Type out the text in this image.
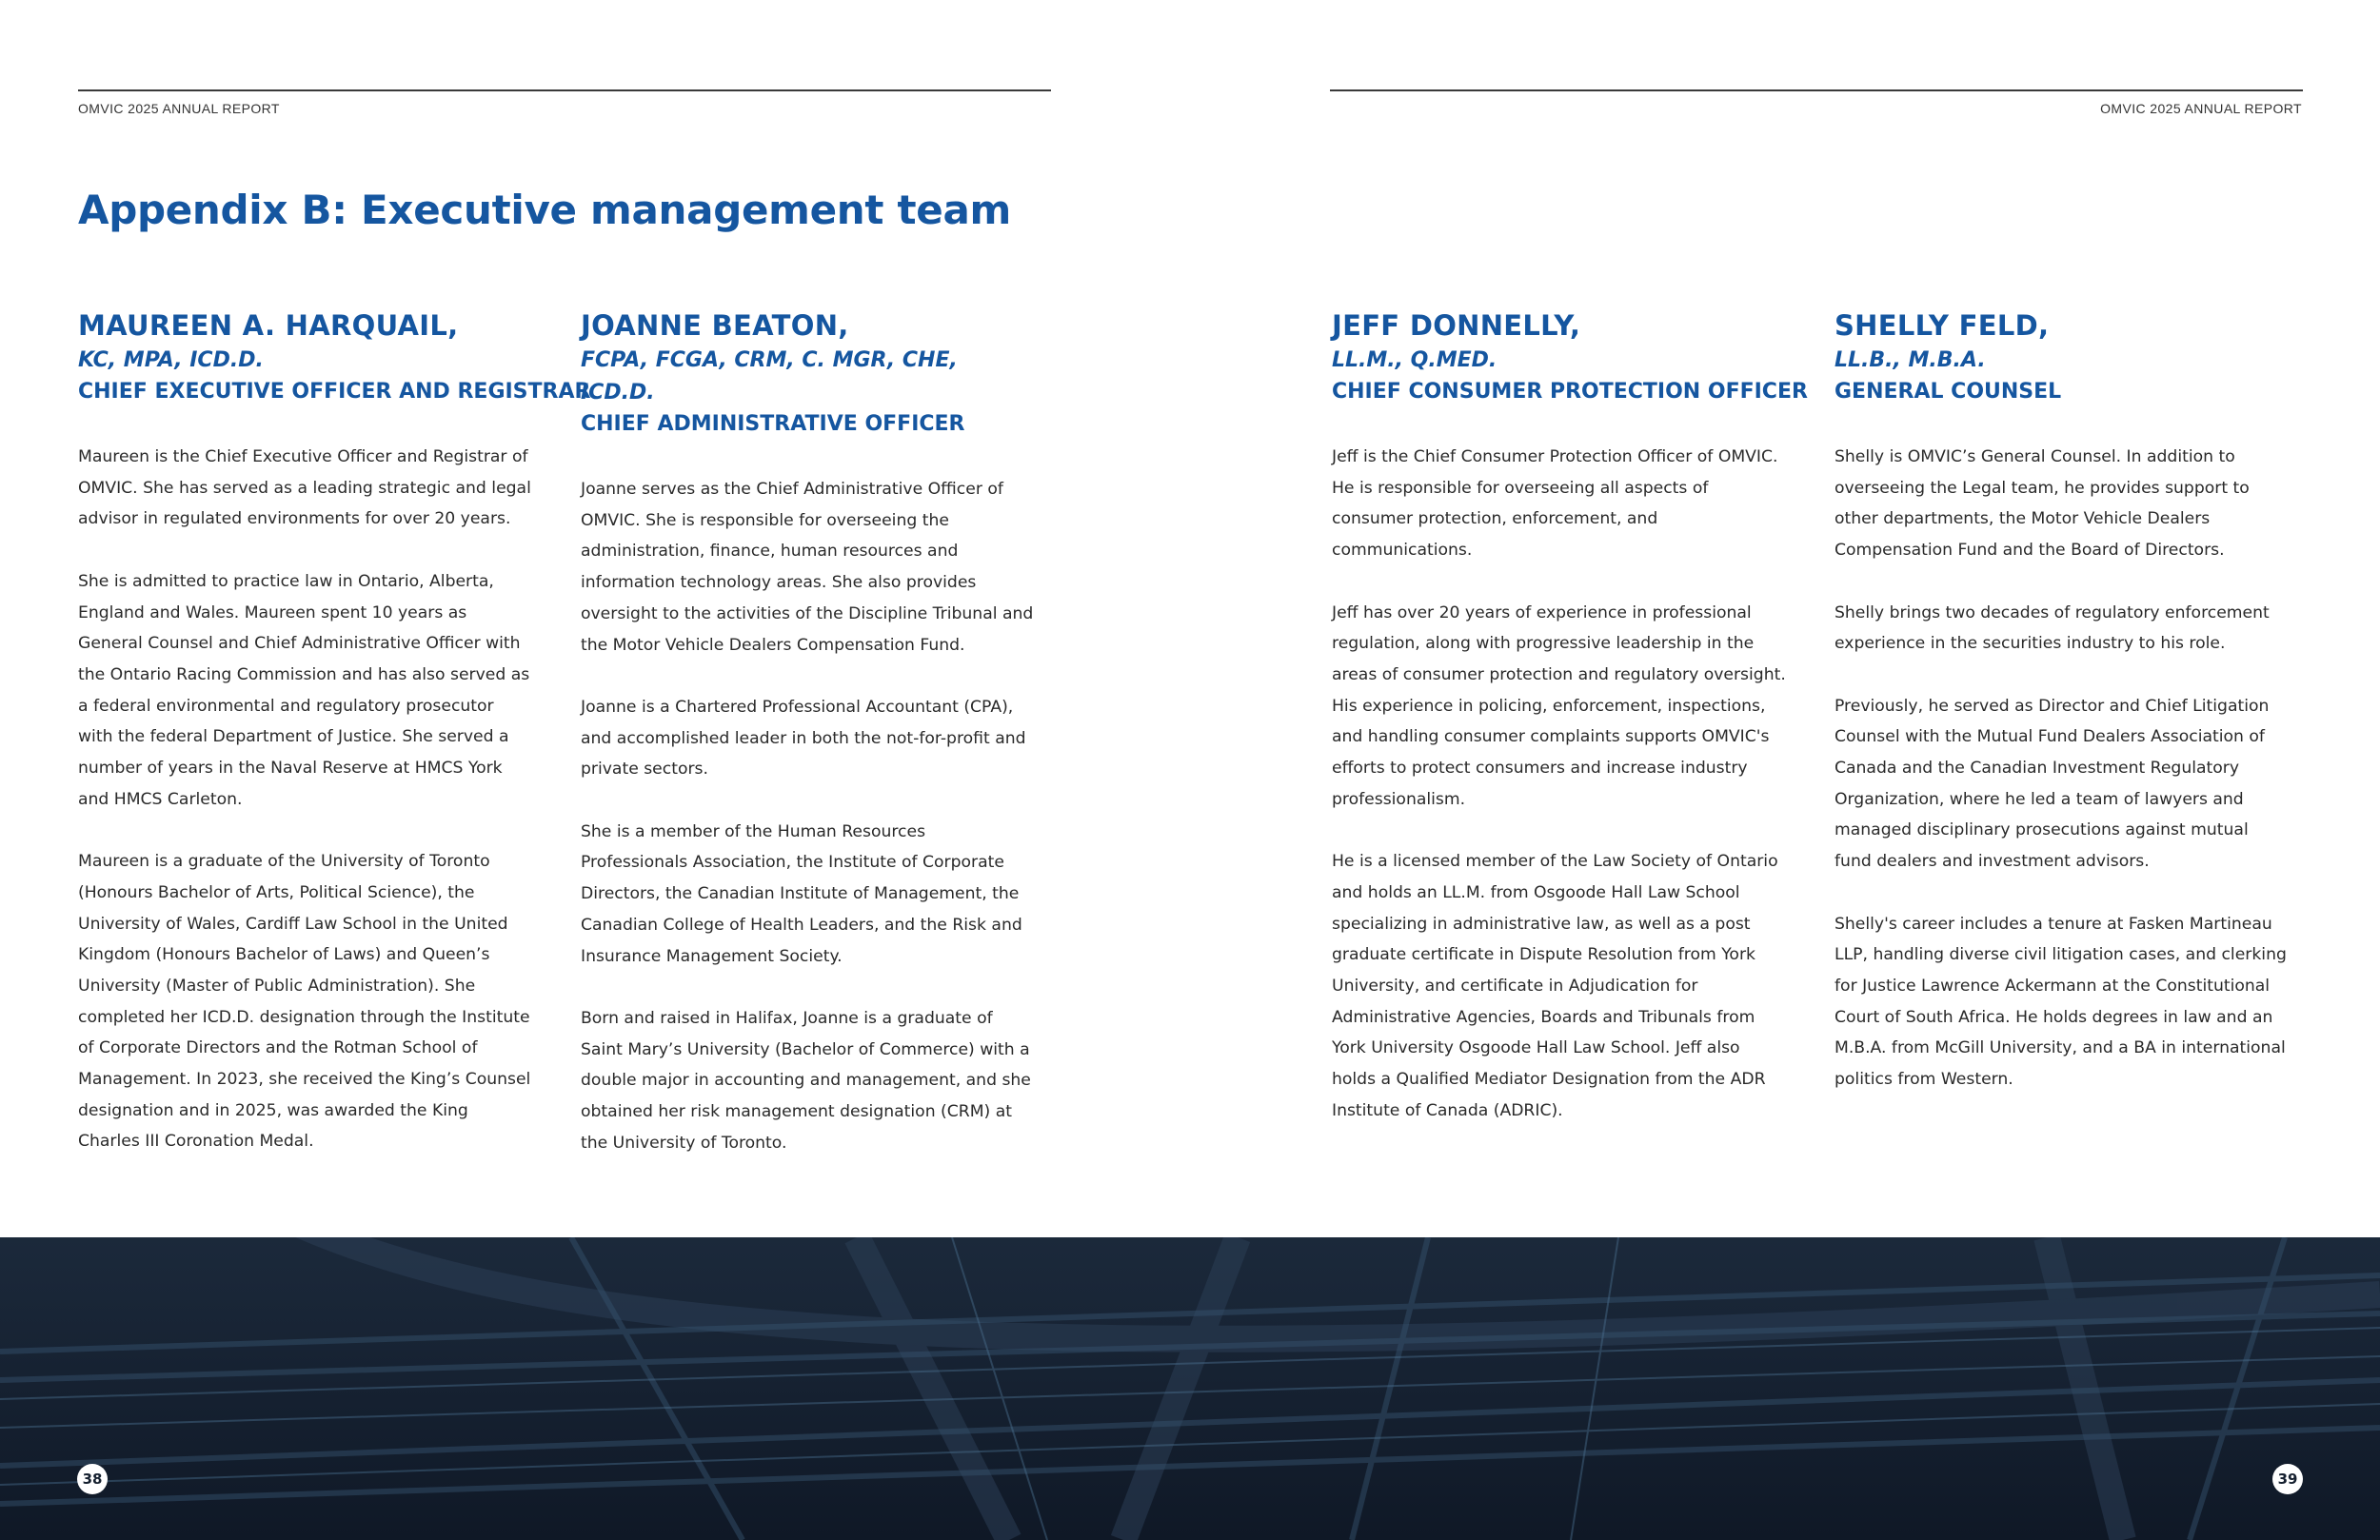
OMVIC 2025 ANNUAL REPORT	OMVIC 2025 ANNUAL REPORT
Appendix B: Executive management team
MAUREEN A. HARQUAIL,
KC, MPA, ICD.D.
CHIEF EXECUTIVE OFFICER AND REGISTRAR

Maureen is the Chief Executive Officer and Registrar of OMVIC. She has served as a leading strategic and legal advisor in regulated environments for over 20 years.

She is admitted to practice law in Ontario, Alberta, England and Wales. Maureen spent 10 years as General Counsel and Chief Administrative Officer with the Ontario Racing Commission and has also served as a federal environmental and regulatory prosecutor with the federal Department of Justice. She served a number of years in the Naval Reserve at HMCS York and HMCS Carleton.

Maureen is a graduate of the University of Toronto (Honours Bachelor of Arts, Political Science), the University of Wales, Cardiff Law School in the United Kingdom (Honours Bachelor of Laws) and Queen’s University (Master of Public Administration). She completed her ICD.D. designation through the Institute of Corporate Directors and the Rotman School of Management. In 2023, she received the King’s Counsel designation and in 2025, was awarded the King Charles III Coronation Medal.

JOANNE BEATON,
FCPA, FCGA, CRM, C. MGR, CHE, ICD.D.
CHIEF ADMINISTRATIVE OFFICER

Joanne serves as the Chief Administrative Officer of OMVIC. She is responsible for overseeing the administration, finance, human resources and information technology areas. She also provides oversight to the activities of the Discipline Tribunal and the Motor Vehicle Dealers Compensation Fund.

Joanne is a Chartered Professional Accountant (CPA), and accomplished leader in both the not-for-profit and private sectors.

She is a member of the Human Resources Professionals Association, the Institute of Corporate Directors, the Canadian Institute of Management, the Canadian College of Health Leaders, and the Risk and Insurance Management Society.

Born and raised in Halifax, Joanne is a graduate of Saint Mary’s University (Bachelor of Commerce) with a double major in accounting and management, and she obtained her risk management designation (CRM) at the University of Toronto.

JEFF DONNELLY,
LL.M., Q.MED.
CHIEF CONSUMER PROTECTION OFFICER

Jeff is the Chief Consumer Protection Officer of OMVIC. He is responsible for overseeing all aspects of consumer protection, enforcement, and communications.

Jeff has over 20 years of experience in professional regulation, along with progressive leadership in the areas of consumer protection and regulatory oversight. His experience in policing, enforcement, inspections, and handling consumer complaints supports OMVIC's efforts to protect consumers and increase industry professionalism.

He is a licensed member of the Law Society of Ontario and holds an LL.M. from Osgoode Hall Law School specializing in administrative law, as well as a post graduate certificate in Dispute Resolution from York University, and certificate in Adjudication for Administrative Agencies, Boards and Tribunals from York University Osgoode Hall Law School. Jeff also holds a Qualified Mediator Designation from the ADR Institute of Canada (ADRIC).

SHELLY FELD,
LL.B., M.B.A.
GENERAL COUNSEL

Shelly is OMVIC’s General Counsel. In addition to overseeing the Legal team, he provides support to other departments, the Motor Vehicle Dealers Compensation Fund and the Board of Directors.

Shelly brings two decades of regulatory enforcement experience in the securities industry to his role.

Previously, he served as Director and Chief Litigation Counsel with the Mutual Fund Dealers Association of Canada and the Canadian Investment Regulatory Organization, where he led a team of lawyers and managed disciplinary prosecutions against mutual fund dealers and investment advisors.

Shelly's career includes a tenure at Fasken Martineau LLP, handling diverse civil litigation cases, and clerking for Justice Lawrence Ackermann at the Constitutional Court of South Africa. He holds degrees in law and an M.B.A. from McGill University, and a BA in international politics from Western.

38	39
